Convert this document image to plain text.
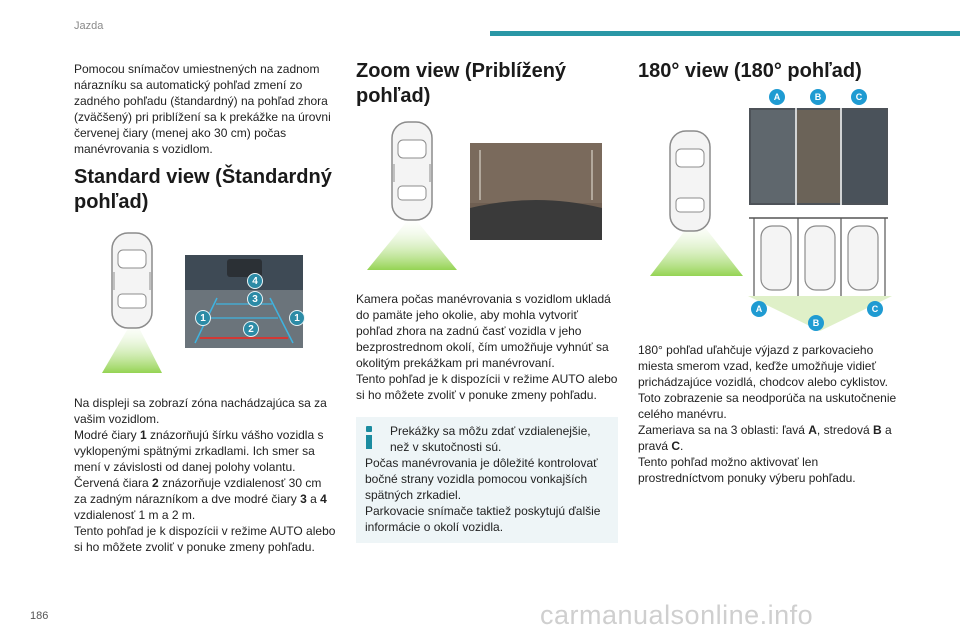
Jazda
Pomocou snímačov umiestnených na zadnom nárazníku sa automatický pohľad zmení zo zadného pohľadu (štandardný) na pohľad zhora (zväčšený) pri priblížení sa k prekážke na úrovni červenej čiary (menej ako 30 cm) počas manévrovania s vozidlom.
Standard view (Štandardný pohľad)
4
3
1
2
1
Na displeji sa zobrazí zóna nachádzajúca sa za vašim vozidlom.
Modré čiary 1 znázorňujú šírku vášho vozidla s vyklopenými spätnými zrkadlami. Ich smer sa mení v závislosti od danej polohy volantu.
Červená čiara 2 znázorňuje vzdialenosť 30 cm za zadným nárazníkom a dve modré čiary 3 a 4 vzdialenosť 1 m a 2 m.
Tento pohľad je k dispozícii v režime AUTO alebo si ho môžete zvoliť v ponuke zmeny pohľadu.
Zoom view (Priblížený pohľad)
Kamera počas manévrovania s vozidlom ukladá do pamäte jeho okolie, aby mohla vytvoriť pohľad zhora na zadnú časť vozidla v jeho bezprostrednom okolí, čím umožňuje vyhnúť sa okolitým prekážkam pri manévrovaní.
Tento pohľad je k dispozícii v režime AUTO alebo si ho môžete zvoliť v ponuke zmeny pohľadu.
Prekážky sa môžu zdať vzdialenejšie, než v skutočnosti sú.
Počas manévrovania je dôležité kontrolovať bočné strany vozidla pomocou vonkajších spätných zrkadiel.
Parkovacie snímače taktiež poskytujú ďalšie informácie o okolí vozidla.
180° view (180° pohľad)
A	B	C
A
B
C
180° pohľad uľahčuje výjazd z parkovacieho miesta smerom vzad, keďže umožňuje vidieť prichádzajúce vozidlá, chodcov alebo cyklistov.
Toto zobrazenie sa neodporúča na uskutočnenie celého manévru.
Zameriava sa na 3 oblasti: ľavá A, stredová B a pravá C.
Tento pohľad možno aktivovať len prostredníctvom ponuky výberu pohľadu.
186	carmanualsonline.info
